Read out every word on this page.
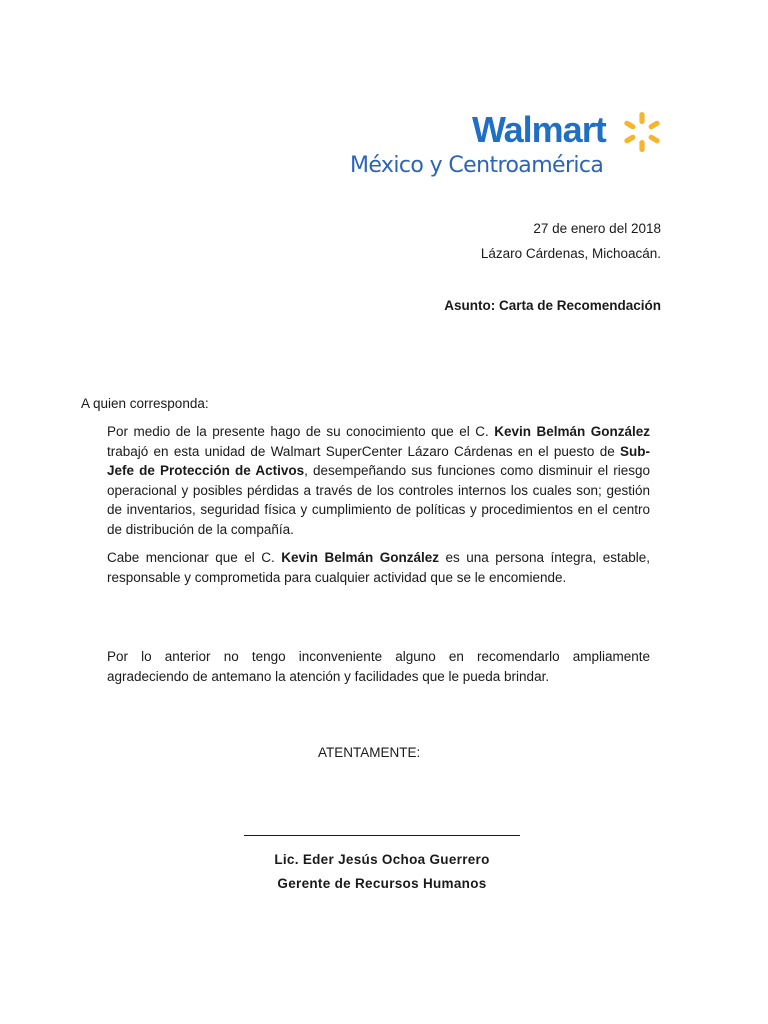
Walmart
México y Centroamérica
27 de enero del 2018
Lázaro Cárdenas, Michoacán.
Asunto: Carta de Recomendación
A quien corresponda:
Por medio de la presente hago de su conocimiento que el C. Kevin Belmán González trabajó en esta unidad de Walmart SuperCenter Lázaro Cárdenas en el puesto de Sub- Jefe de Protección de Activos, desempeñando sus funciones como disminuir el riesgo operacional y posibles pérdidas a través de los controles internos los cuales son; gestión de inventarios, seguridad física y cumplimiento de políticas y procedimientos en el centro de distribución de la compañía.
Cabe mencionar que el C. Kevin Belmán González es una persona íntegra, estable, responsable y comprometida para cualquier actividad que se le encomiende.
Por lo anterior no tengo inconveniente alguno en recomendarlo ampliamente agradeciendo de antemano la atención y facilidades que le pueda brindar.
ATENTAMENTE:
Lic. Eder Jesús Ochoa Guerrero
Gerente de Recursos Humanos
